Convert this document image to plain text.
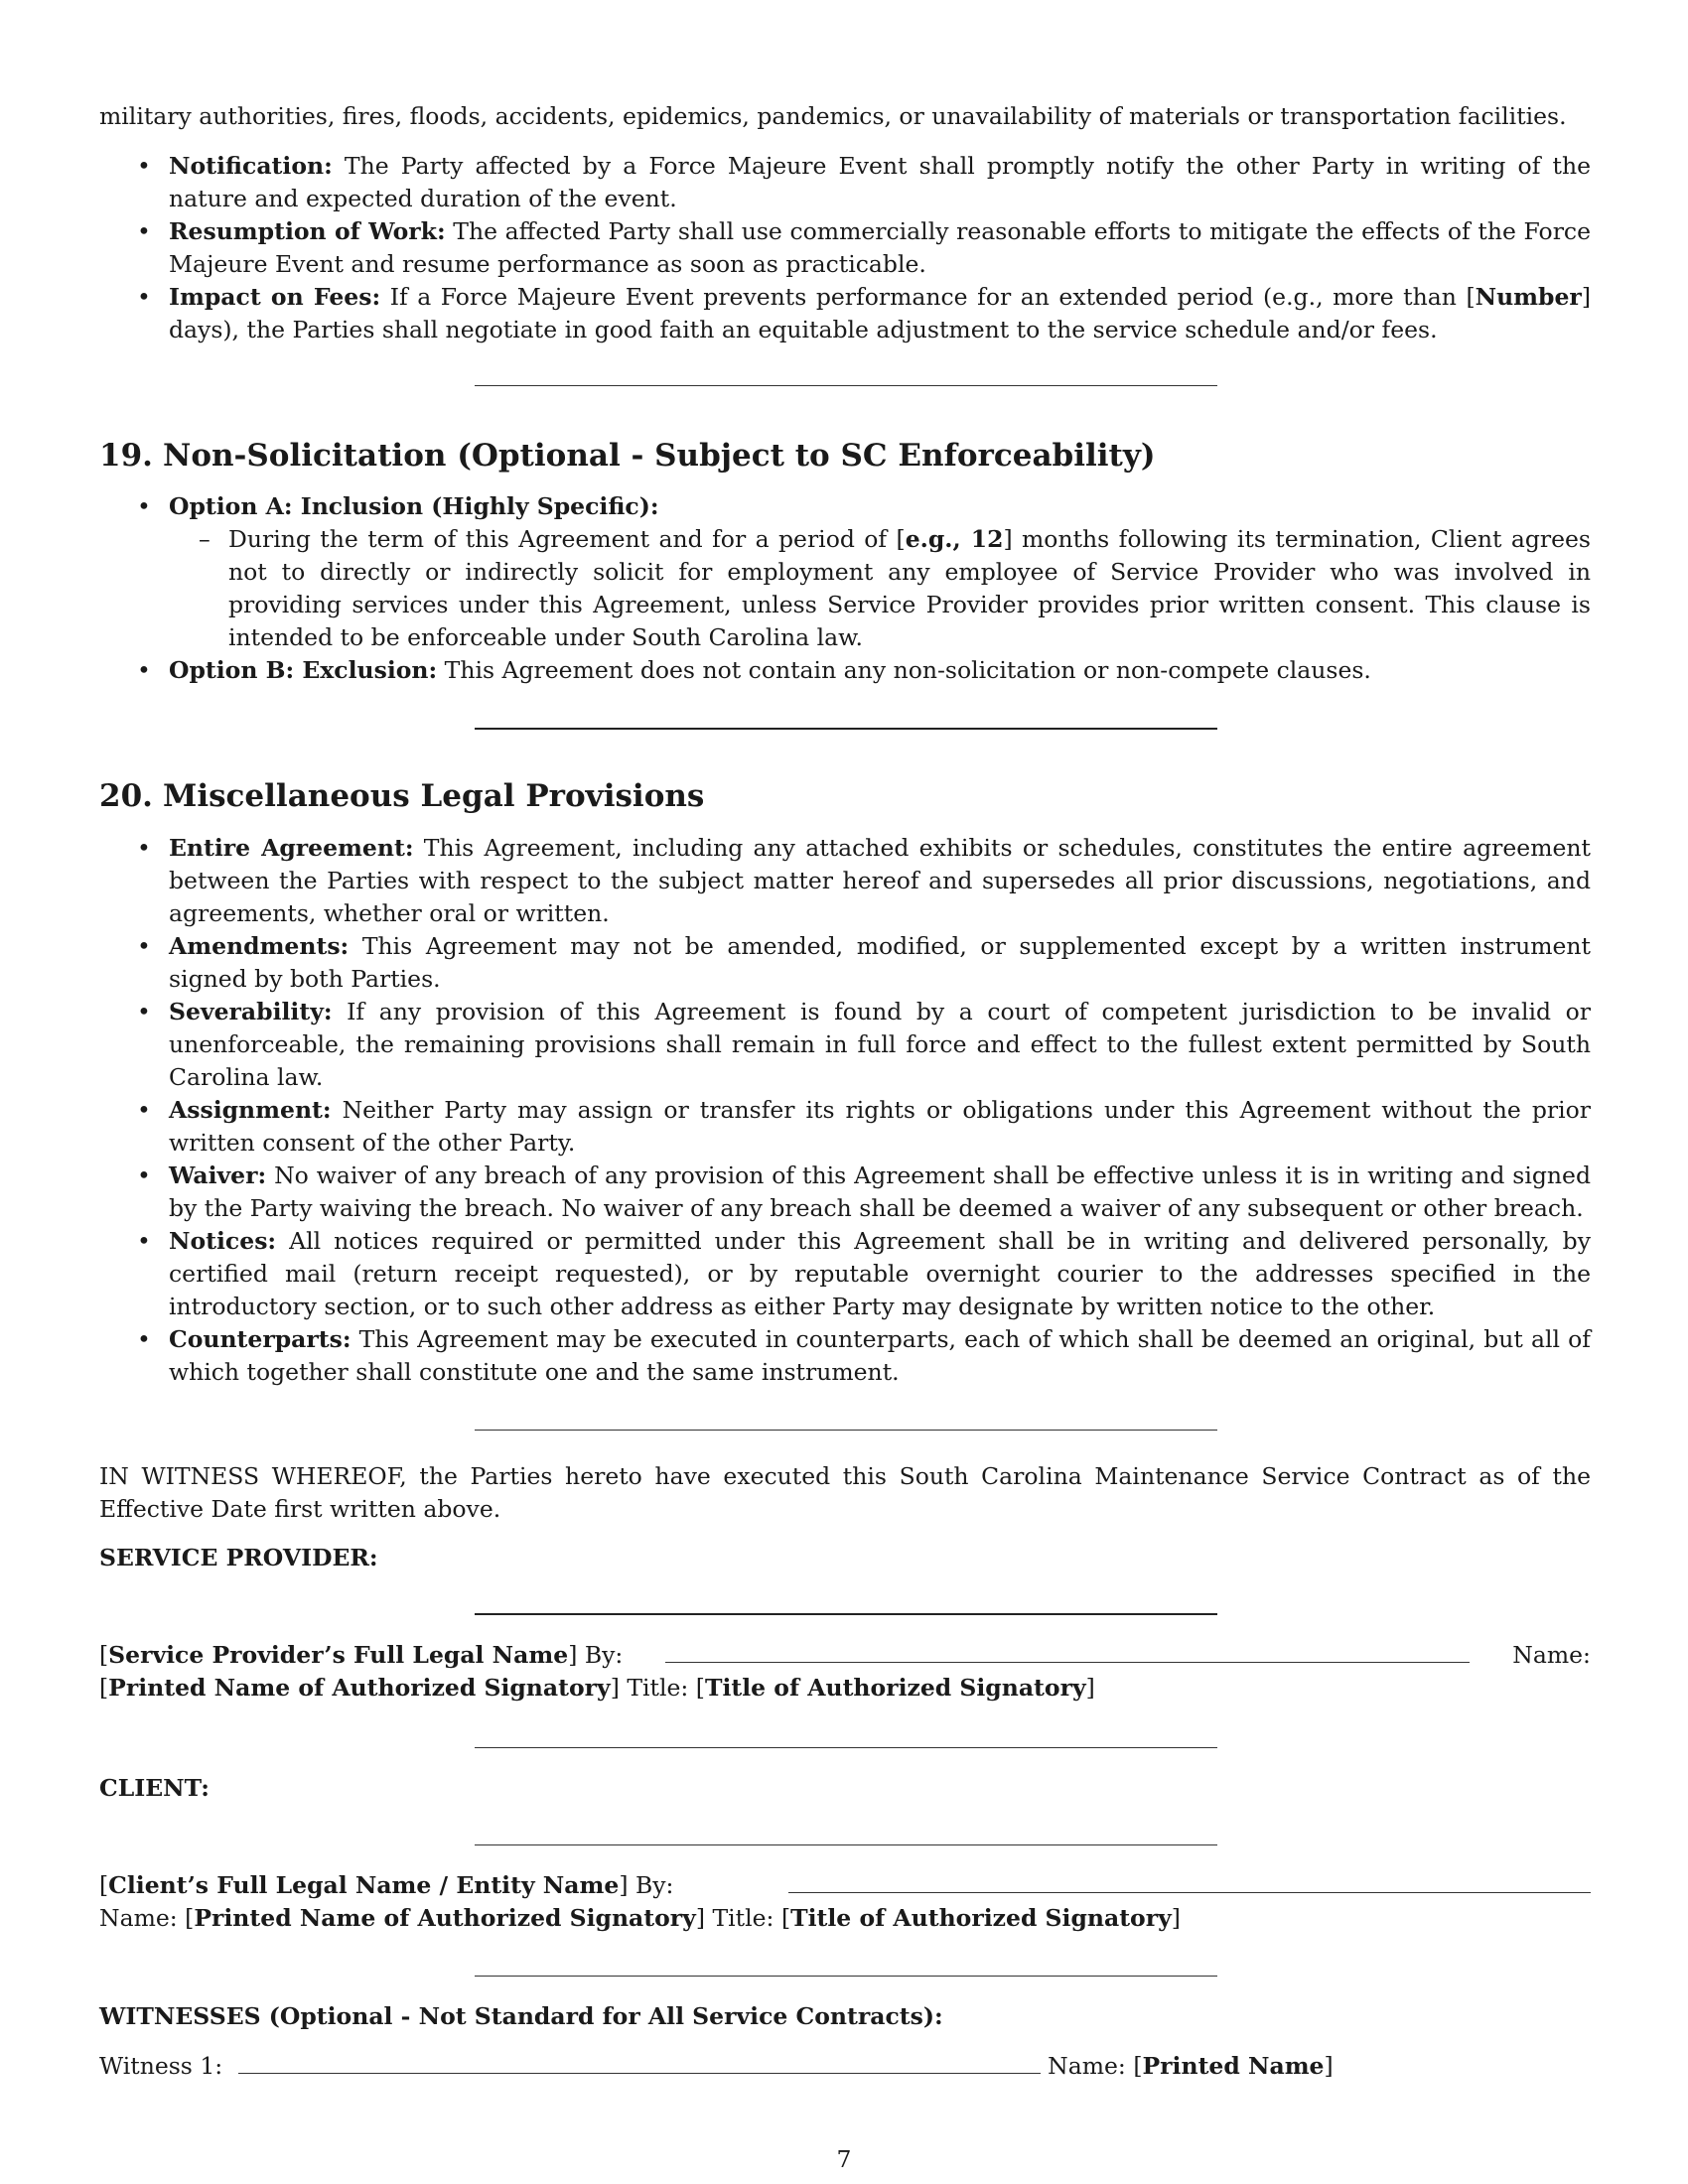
military authorities, fires, floods, accidents, epidemics, pandemics, or unavailability of materials or transportation facilities.

• Notification: The Party affected by a Force Majeure Event shall promptly notify the other Party in writing of the nature and expected duration of the event.
• Resumption of Work: The affected Party shall use commercially reasonable efforts to mitigate the effects of the Force Majeure Event and resume performance as soon as practicable.
• Impact on Fees: If a Force Majeure Event prevents performance for an extended period (e.g., more than [Number] days), the Parties shall negotiate in good faith an equitable adjustment to the service schedule and/or fees.
19. Non-Solicitation (Optional - Subject to SC Enforceability)
• Option A: Inclusion (Highly Specific):
– During the term of this Agreement and for a period of [e.g., 12] months following its termination, Client agrees not to directly or indirectly solicit for employment any employee of Service Provider who was involved in providing services under this Agreement, unless Service Provider provides prior written consent. This clause is intended to be enforceable under South Carolina law.
• Option B: Exclusion: This Agreement does not contain any non-solicitation or non-compete clauses.
20. Miscellaneous Legal Provisions
• Entire Agreement: This Agreement, including any attached exhibits or schedules, constitutes the entire agreement between the Parties with respect to the subject matter hereof and supersedes all prior discussions, negotiations, and agreements, whether oral or written.
• Amendments: This Agreement may not be amended, modified, or supplemented except by a written instrument signed by both Parties.
• Severability: If any provision of this Agreement is found by a court of competent jurisdiction to be invalid or unenforceable, the remaining provisions shall remain in full force and effect to the fullest extent permitted by South Carolina law.
• Assignment: Neither Party may assign or transfer its rights or obligations under this Agreement without the prior written consent of the other Party.
• Waiver: No waiver of any breach of any provision of this Agreement shall be effective unless it is in writing and signed by the Party waiving the breach. No waiver of any breach shall be deemed a waiver of any subsequent or other breach.
• Notices: All notices required or permitted under this Agreement shall be in writing and delivered personally, by certified mail (return receipt requested), or by reputable overnight courier to the addresses specified in the introductory section, or to such other address as either Party may designate by written notice to the other.
• Counterparts: This Agreement may be executed in counterparts, each of which shall be deemed an original, but all of which together shall constitute one and the same instrument.

IN WITNESS WHEREOF, the Parties hereto have executed this South Carolina Maintenance Service Contract as of the Effective Date first written above.

SERVICE PROVIDER:
[Service Provider’s Full Legal Name] By:	Name:
[Printed Name of Authorized Signatory] Title: [Title of Authorized Signatory]
CLIENT:
[Client’s Full Legal Name / Entity Name] By:
Name: [Printed Name of Authorized Signatory] Title: [Title of Authorized Signatory]
WITNESSES (Optional - Not Standard for All Service Contracts):
Witness 1:	Name: [Printed Name]
7
